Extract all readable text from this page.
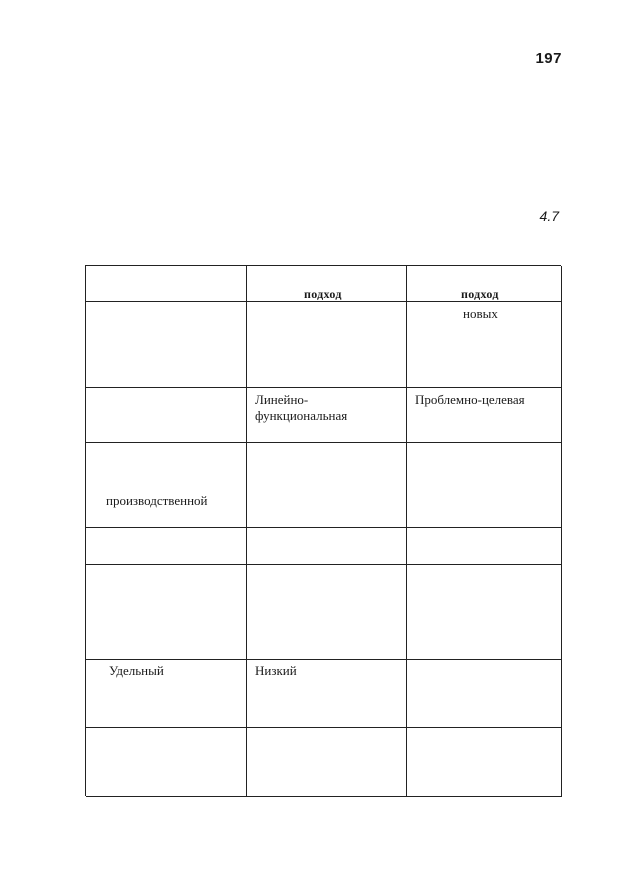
197
4.7
подход	подход
новых
Линейно-
функциональная
Проблемно-целевая
производственной
Удельный	Низкий
